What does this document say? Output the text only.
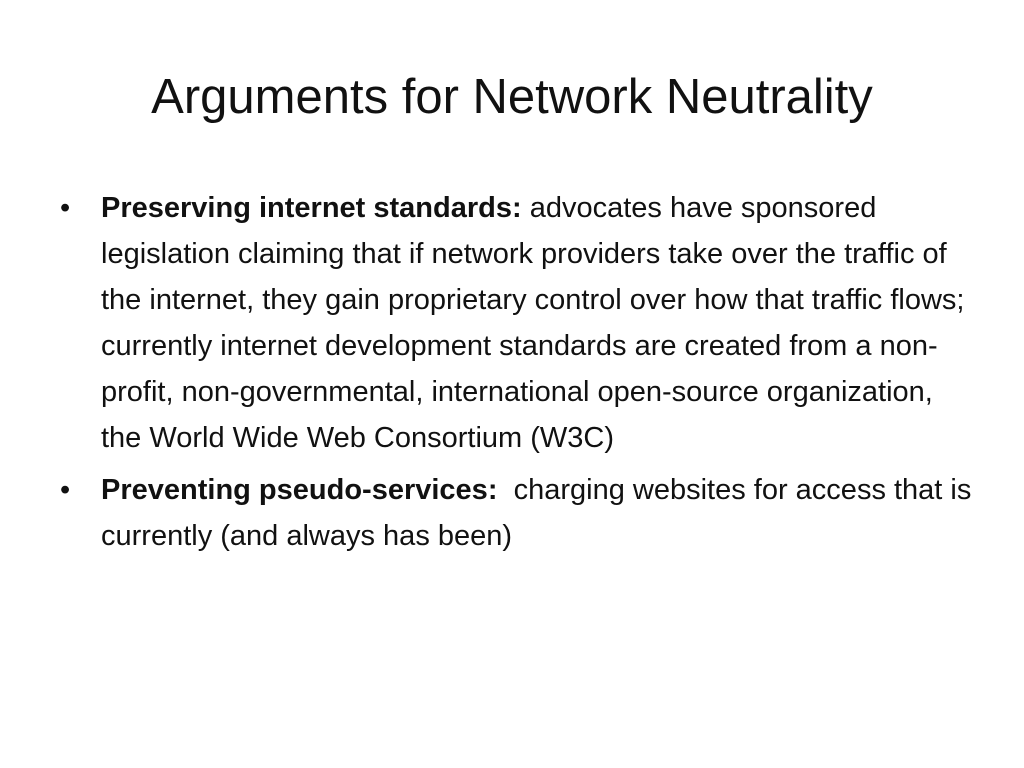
Arguments for Network Neutrality
•	Preserving internet standards: advocates have sponsored legislation claiming that if network providers take over the traffic of the internet, they gain proprietary control over how that traffic flows; currently internet development standards are created from a non-profit, non-governmental, international open-source organization, the World Wide Web Consortium (W3C)
•	Preventing pseudo-services:  charging websites for access that is currently (and always has been)
